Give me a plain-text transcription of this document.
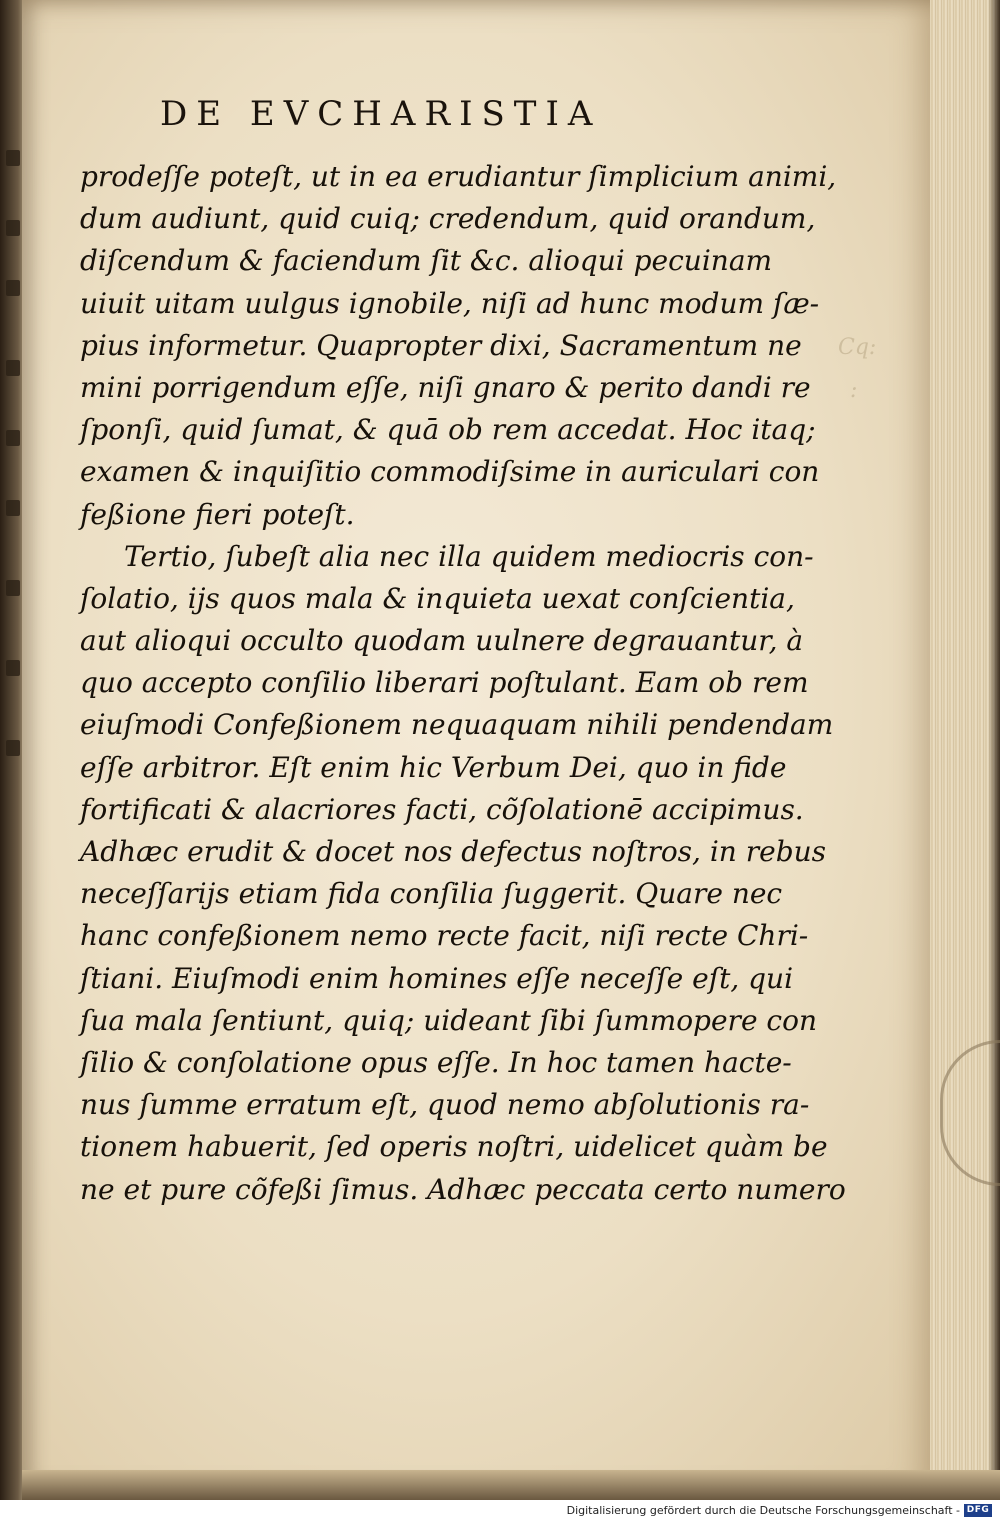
Cq:
:
DE EVCHARISTIA
prodeſſe poteſt, ut in ea erudiantur ſimplicium animi,
dum audiunt, quid cuiq; credendum, quid orandum,
diſcendum & faciendum ſit &c. alioqui pecuinam
uiuit uitam uulgus ignobile, niſi ad hunc modum ſæ-
pius informetur. Quapropter dixi, Sacramentum ne
mini porrigendum eſſe, niſi gnaro & perito dandi re
ſponſi, quid ſumat, & quā ob rem accedat. Hoc itaq;
examen & inquiſitio commodiſsime in auriculari con
feßione fieri poteſt.
Tertio, ſubeſt alia nec illa quidem mediocris con-
ſolatio, ijs quos mala & inquieta uexat conſcientia,
aut alioqui occulto quodam uulnere degrauantur, à
quo accepto conſilio liberari poſtulant. Eam ob rem
eiuſmodi Confeßionem nequaquam nihili pendendam
eſſe arbitror. Eſt enim hic Verbum Dei, quo in fide
fortificati & alacriores facti, cõſolationē accipimus.
Adhæc erudit & docet nos defectus noſtros, in rebus
neceſſarijs etiam fida conſilia ſuggerit. Quare nec
hanc confeßionem nemo recte facit, niſi recte Chri-
ſtiani. Eiuſmodi enim homines eſſe neceſſe eſt, qui
ſua mala ſentiunt, quiq; uideant ſibi ſummopere con
ſilio & conſolatione opus eſſe. In hoc tamen hacte-
nus ſumme erratum eſt, quod nemo abſolutionis ra-
tionem habuerit, ſed operis noſtri, uidelicet quàm be
ne et pure cõfeßi ſimus. Adhæc peccata certo numero
Digitalisierung gefördert durch die Deutsche Forschungsgemeinschaft - DFG
